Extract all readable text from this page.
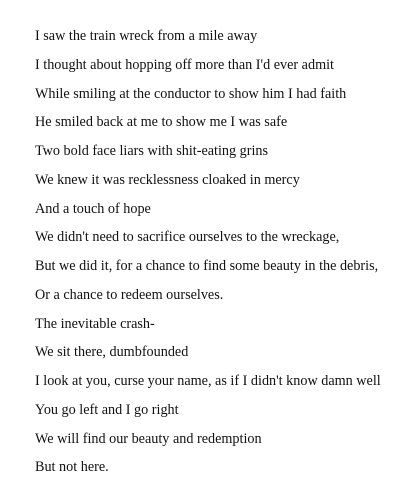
I saw the train wreck from a mile away
I thought about hopping off more than I'd ever admit
While smiling at the conductor to show him I had faith
He smiled back at me to show me I was safe
Two bold face liars with shit-eating grins
We knew it was recklessness cloaked in mercy
And a touch of hope
We didn't need to sacrifice ourselves to the wreckage,
But we did it, for a chance to find some beauty in the debris,
Or a chance to redeem ourselves.
The inevitable crash-
We sit there, dumbfounded
I look at you, curse your name, as if I didn't know damn well
You go left and I go right
We will find our beauty and redemption
But not here.
